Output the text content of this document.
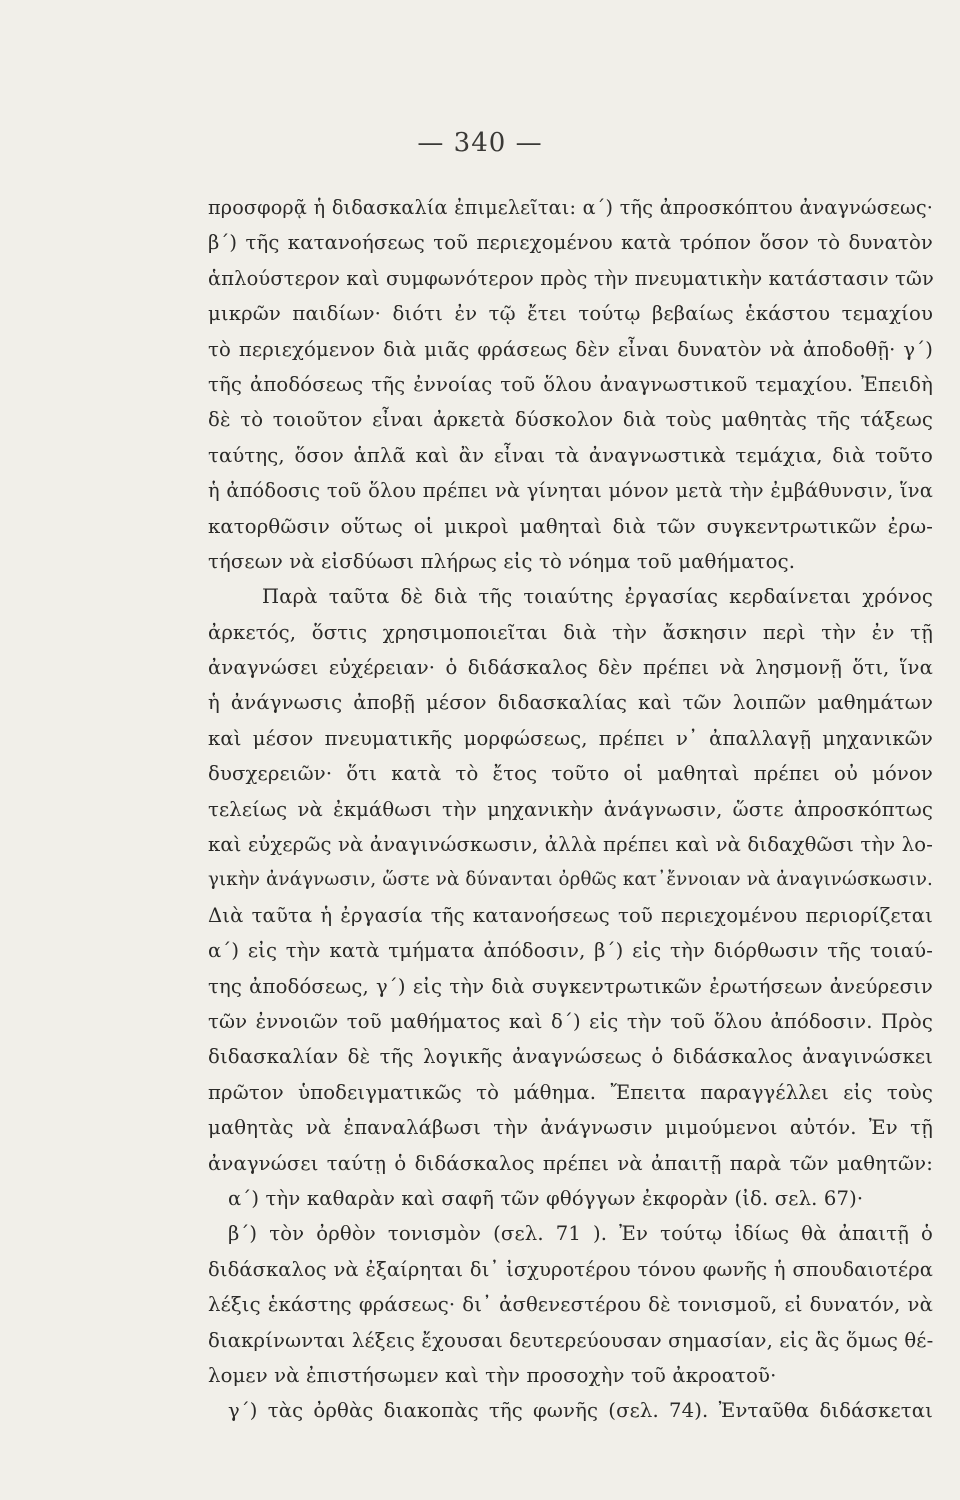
— 340 —
προσφορᾷ ἡ διδασκαλία ἐπιμελεῖται: α΄) τῆς ἀπροσκόπτου ἀναγνώσεως·
β΄) τῆς κατανοήσεως τοῦ περιεχομένου κατὰ τρόπον ὅσον τὸ δυνατὸν
ἁπλούστερον καὶ συμφωνότερον πρὸς τὴν πνευματικὴν κατάστασιν τῶν
μικρῶν παιδίων· διότι ἐν τῷ ἔτει τούτῳ βεβαίως ἑκάστου τεμαχίου
τὸ περιεχόμενον διὰ μιᾶς φράσεως δὲν εἶναι δυνατὸν νὰ ἀποδοθῇ· γ΄)
τῆς ἀποδόσεως τῆς ἐννοίας τοῦ ὅλου ἀναγνωστικοῦ τεμαχίου. Ἐπειδὴ
δὲ τὸ τοιοῦτον εἶναι ἀρκετὰ δύσκολον διὰ τοὺς μαθητὰς τῆς τάξεως
ταύτης, ὅσον ἁπλᾶ καὶ ἂν εἶναι τὰ ἀναγνωστικὰ τεμάχια, διὰ τοῦτο
ἡ ἀπόδοσις τοῦ ὅλου πρέπει νὰ γίνηται μόνον μετὰ τὴν ἐμβάθυνσιν, ἵνα
κατορθῶσιν οὕτως οἱ μικροὶ μαθηταὶ διὰ τῶν συγκεντρωτικῶν ἐρω-
τήσεων νὰ εἰσδύωσι πλήρως εἰς τὸ νόημα τοῦ μαθήματος.
Παρὰ ταῦτα δὲ διὰ τῆς τοιαύτης ἐργασίας κερδαίνεται χρόνος
ἀρκετός, ὅστις χρησιμοποιεῖται διὰ τὴν ἄσκησιν περὶ τὴν ἐν τῇ
ἀναγνώσει εὐχέρειαν· ὁ διδάσκαλος δὲν πρέπει νὰ λησμονῇ ὅτι, ἵνα
ἡ ἀνάγνωσις ἀποβῇ μέσον διδασκαλίας καὶ τῶν λοιπῶν μαθημάτων
καὶ μέσον πνευματικῆς μορφώσεως, πρέπει ν᾿ ἀπαλλαγῇ μηχανικῶν
δυσχερειῶν· ὅτι κατὰ τὸ ἔτος τοῦτο οἱ μαθηταὶ πρέπει οὐ μόνον
τελείως νὰ ἐκμάθωσι τὴν μηχανικὴν ἀνάγνωσιν, ὥστε ἀπροσκόπτως
καὶ εὐχερῶς νὰ ἀναγινώσκωσιν, ἀλλὰ πρέπει καὶ νὰ διδαχθῶσι τὴν λο-
γικὴν ἀνάγνωσιν, ὥστε νὰ δύνανται ὀρθῶς κατ᾿ἔννοιαν νὰ ἀναγινώσκωσιν.
Διὰ ταῦτα ἡ ἐργασία τῆς κατανοήσεως τοῦ περιεχομένου περιορίζεται
α΄) εἰς τὴν κατὰ τμήματα ἀπόδοσιν, β΄) εἰς τὴν διόρθωσιν τῆς τοιαύ-
της ἀποδόσεως, γ΄) εἰς τὴν διὰ συγκεντρωτικῶν ἐρωτήσεων ἀνεύρεσιν
τῶν ἐννοιῶν τοῦ μαθήματος καὶ δ΄) εἰς τὴν τοῦ ὅλου ἀπόδοσιν. Πρὸς
διδασκαλίαν δὲ τῆς λογικῆς ἀναγνώσεως ὁ διδάσκαλος ἀναγινώσκει
πρῶτον ὑποδειγματικῶς τὸ μάθημα. Ἔπειτα παραγγέλλει εἰς τοὺς
μαθητὰς νὰ ἐπαναλάβωσι τὴν ἀνάγνωσιν μιμούμενοι αὐτόν. Ἐν τῇ
ἀναγνώσει ταύτῃ ὁ διδάσκαλος πρέπει νὰ ἀπαιτῇ παρὰ τῶν μαθητῶν:
α΄) τὴν καθαρὰν καὶ σαφῆ τῶν φθόγγων ἐκφορὰν (ἰδ. σελ. 67)·
β΄) τὸν ὀρθὸν τονισμὸν (σελ. 71 ). Ἐν τούτῳ ἰδίως θὰ ἀπαιτῇ ὁ
διδάσκαλος νὰ ἐξαίρηται δι᾿ ἰσχυροτέρου τόνου φωνῆς ἡ σπουδαιοτέρα
λέξις ἑκάστης φράσεως· δι᾿ ἀσθενεστέρου δὲ τονισμοῦ, εἰ δυνατόν, νὰ
διακρίνωνται λέξεις ἔχουσαι δευτερεύουσαν σημασίαν, εἰς ἃς ὅμως θέ-
λομεν νὰ ἐπιστήσωμεν καὶ τὴν προσοχὴν τοῦ ἀκροατοῦ·
γ΄) τὰς ὀρθὰς διακοπὰς τῆς φωνῆς (σελ. 74). Ἐνταῦθα διδάσκεται
